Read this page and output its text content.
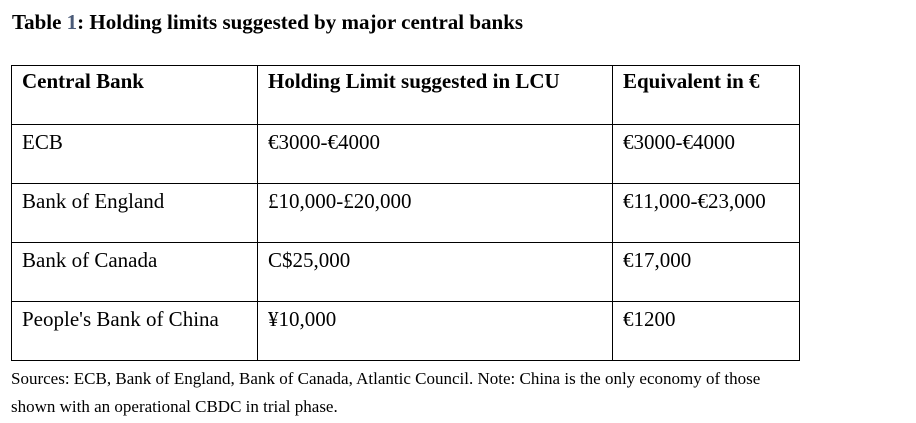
Table 1: Holding limits suggested by major central banks
Central Bank	Holding Limit suggested in LCU	Equivalent in €
ECB	€3000-€4000	€3000-€4000
Bank of England	£10,000-£20,000	€11,000-€23,000
Bank of Canada	C$25,000	€17,000
People's Bank of China	¥10,000	€1200
Sources: ECB, Bank of England, Bank of Canada, Atlantic Council. Note: China is the only economy of those
shown with an operational CBDC in trial phase.
